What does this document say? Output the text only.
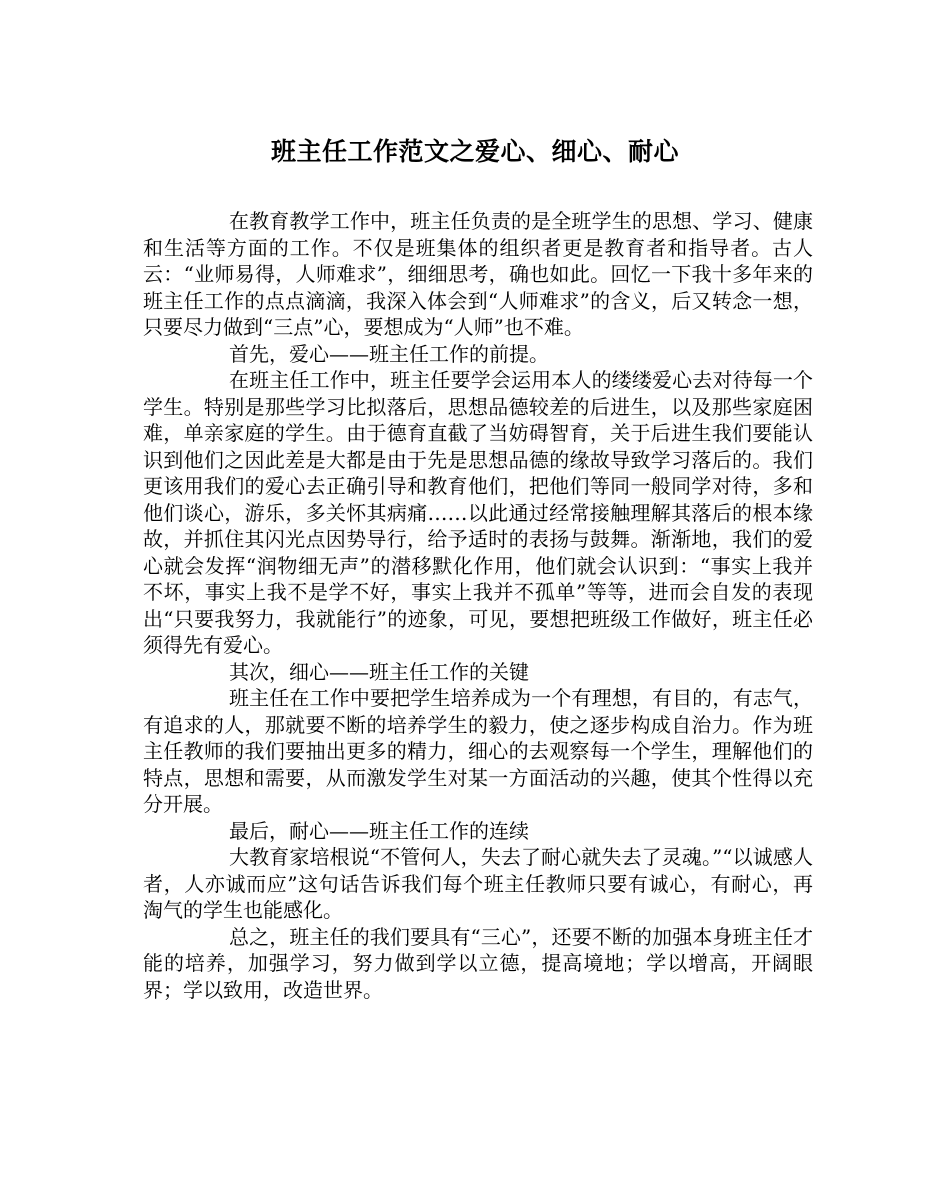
班主任工作范文之爱心、细心、耐心

在教育教学工作中，班主任负责的是全班学生的思想、学习、健康和生活等方面的工作。不仅是班集体的组织者更是教育者和指导者。古人云：“业师易得，人师难求”，细细思考，确也如此。回忆一下我十多年来的班主任工作的点点滴滴，我深入体会到“人师难求”的含义，后又转念一想，只要尽力做到“三点”心，要想成为“人师”也不难。

首先，爱心——班主任工作的前提。

在班主任工作中，班主任要学会运用本人的缕缕爱心去对待每一个学生。特别是那些学习比拟落后，思想品德较差的后进生，以及那些家庭困难，单亲家庭的学生。由于德育直截了当妨碍智育，关于后进生我们要能认识到他们之因此差是大都是由于先是思想品德的缘故导致学习落后的。我们更该用我们的爱心去正确引导和教育他们，把他们等同一般同学对待，多和他们谈心，游乐，多关怀其病痛……以此通过经常接触理解其落后的根本缘故，并抓住其闪光点因势导行，给予适时的表扬与鼓舞。渐渐地，我们的爱心就会发挥“润物细无声”的潜移默化作用，他们就会认识到：“事实上我并不坏，事实上我不是学不好，事实上我并不孤单”等等，进而会自发的表现出“只要我努力，我就能行”的迹象，可见，要想把班级工作做好，班主任必须得先有爱心。

其次，细心——班主任工作的关键

班主任在工作中要把学生培养成为一个有理想，有目的，有志气，有追求的人，那就要不断的培养学生的毅力，使之逐步构成自治力。作为班主任教师的我们要抽出更多的精力，细心的去观察每一个学生，理解他们的特点，思想和需要，从而激发学生对某一方面活动的兴趣，使其个性得以充分开展。

最后，耐心——班主任工作的连续

大教育家培根说“不管何人，失去了耐心就失去了灵魂。”“以诚感人者，人亦诚而应”这句话告诉我们每个班主任教师只要有诚心，有耐心，再淘气的学生也能感化。

总之，班主任的我们要具有“三心”，还要不断的加强本身班主任才能的培养，加强学习，努力做到学以立德，提高境地；学以增高，开阔眼界；学以致用，改造世界。
